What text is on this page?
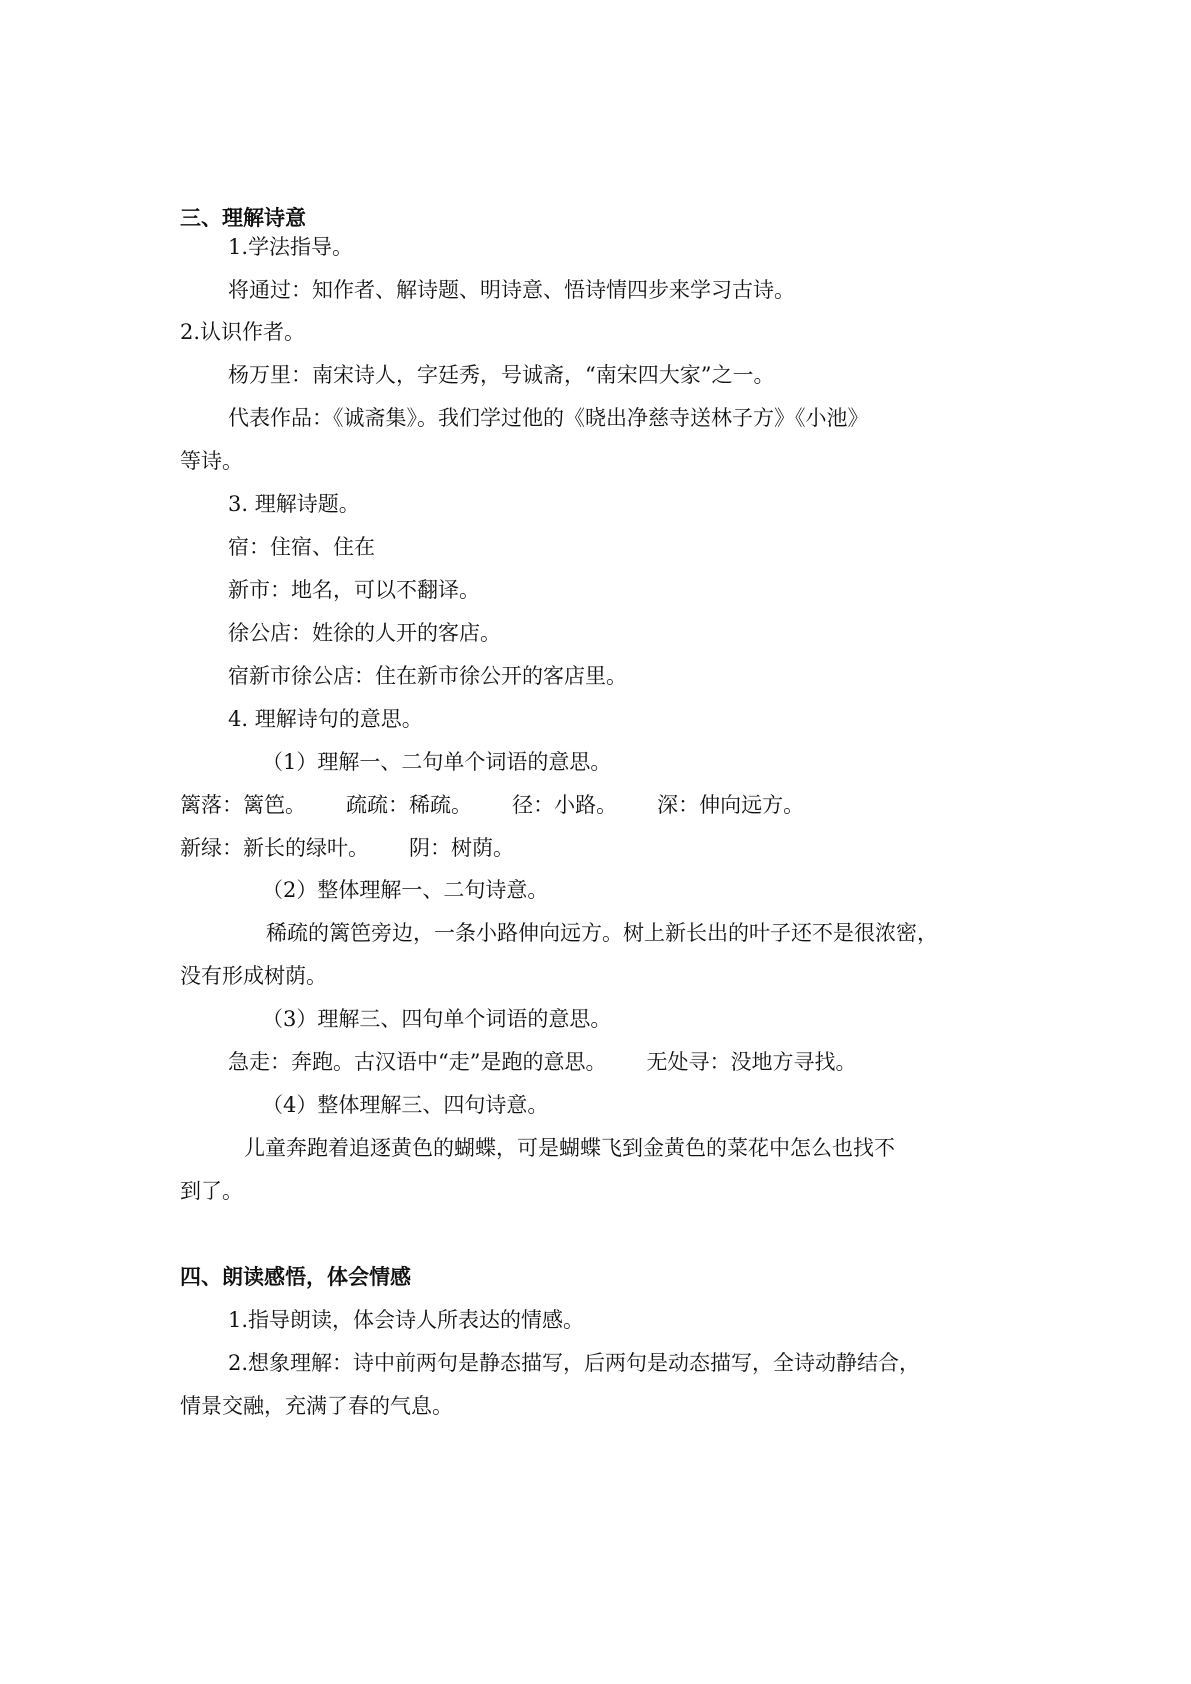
三、理解诗意
1.学法指导。
将通过：知作者、解诗题、明诗意、悟诗情四步来学习古诗。
2.认识作者。
杨万里：南宋诗人，字廷秀，号诚斋，“南宋四大家”之一。
代表作品：《诚斋集》。我们学过他的《晓出净慈寺送林子方》《小池》
等诗。
3. 理解诗题。
宿：住宿、住在
新市：地名，可以不翻译。
徐公店：姓徐的人开的客店。
宿新市徐公店：住在新市徐公开的客店里。
4. 理解诗句的意思。
（1）理解一、二句单个词语的意思。
篱落：篱笆。      疏疏：稀疏。      径：小路。      深：伸向远方。
新绿：新长的绿叶。      阴：树荫。
（2）整体理解一、二句诗意。
稀疏的篱笆旁边，一条小路伸向远方。树上新长出的叶子还不是很浓密，
没有形成树荫。
（3）理解三、四句单个词语的意思。
急走：奔跑。古汉语中“走”是跑的意思。      无处寻：没地方寻找。
（4）整体理解三、四句诗意。
儿童奔跑着追逐黄色的蝴蝶，可是蝴蝶飞到金黄色的菜花中怎么也找不
到了。
四、朗读感悟，体会情感
1.指导朗读，体会诗人所表达的情感。
2.想象理解：诗中前两句是静态描写，后两句是动态描写，全诗动静结合，
情景交融，充满了春的气息。
